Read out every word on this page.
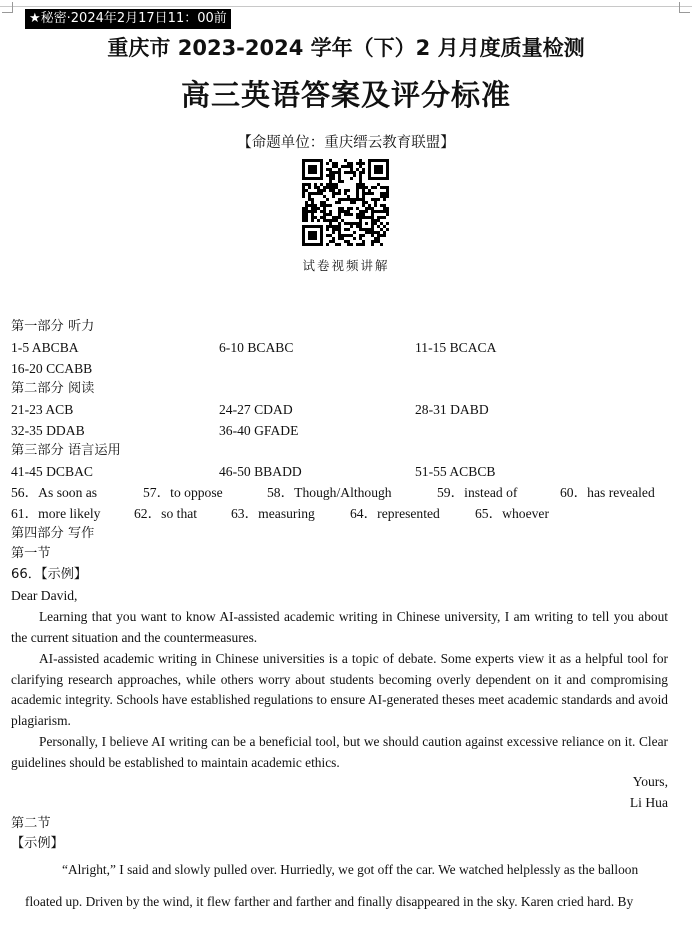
★秘密·2024年2月17日11：00前
重庆市 2023-2024 学年（下）2 月月度质量检测
高三英语答案及评分标准
【命题单位：重庆缙云教育联盟】
试卷视频讲解
第一部分 听力
1-5 ABCBA	6-10 BCABC	11-15 BCACA
16-20 CCABB
第二部分 阅读
21-23 ACB	24-27 CDAD	28-31 DABD
32-35 DDAB	36-40 GFADE
第三部分 语言运用
41-45 DCBAC	46-50 BBADD	51-55 ACBCB
56．As soon as	57．to oppose	58．Though/Although	59．instead of	60．has revealed
61．more likely 62．so that 63．measuring	64．represented	65．whoever
第四部分 写作
第一节
66．【示例】
Dear David,
Learning that you want to know AI-assisted academic writing in Chinese university, I am writing to tell you about the current situation and the countermeasures.
AI-assisted academic writing in Chinese universities is a topic of debate. Some experts view it as a helpful tool for clarifying research approaches, while others worry about students becoming overly dependent on it and compromising academic integrity. Schools have established regulations to ensure AI-generated theses meet academic standards and avoid plagiarism.
Personally, I believe AI writing can be a beneficial tool, but we should caution against excessive reliance on it. Clear guidelines should be established to maintain academic ethics.
Yours,
Li Hua
第二节
【示例】
“Alright,” I said and slowly pulled over. Hurriedly, we got off the car. We watched helplessly as the balloon
floated up. Driven by the wind, it flew farther and farther and finally disappeared in the sky. Karen cried hard. By
